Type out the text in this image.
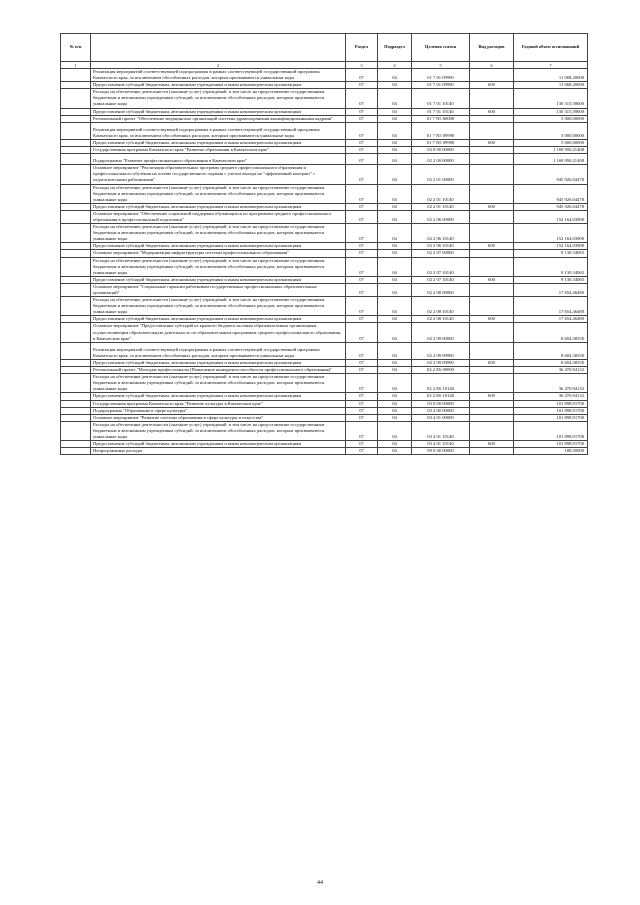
№ п/п		Раздел	Подраздел	Целевая статья	Вид расходов	Годовой объем ассигнований
1	2	3	4	5	6	7
	Реализация мероприятий соответствующей подпрограммы в рамках соответствующей государственной программы Камчатского края, за исключением обособленных расходов, которым присваиваются уникальные коды	07	04	01 7 01 09990		11 068,20000
	Предоставление субсидий бюджетным, автономным учреждениям и иным некоммерческим организациям	07	04	01 7 01 09990	600	11 068,20000
	Расходы на обеспечение деятельности (оказание услуг) учреждений, в том числе на предоставление государственным бюджетным и автономным учреждениям субсидий, за исключением обособленных расходов, которым присваиваются уникальные коды	07	04	01 7 01 10140		130 315,58600
	Предоставление субсидий бюджетным, автономным учреждениям и иным некоммерческим организациям	07	04	01 7 01 10140	600	130 315,58600
	Региональный проект "Обеспечение медицинских организаций системы здравоохранения квалифицированными кадрами"	07	04	01 7 N5 00000		5 000,00000
	Реализация мероприятий соответствующей подпрограммы в рамках соответствующей государственной программы Камчатского края, за исключением обособленных расходов, которым присваиваются уникальные коды	07	04	01 7 N5 09990		5 000,00000
	Предоставление субсидий бюджетным, автономным учреждениям и иным некоммерческим организациям	07	04	01 7 N5 09990	600	5 000,00000
	Государственная программа Камчатского края "Развитие образования в Камчатском крае"	07	04	02 0 00 00000		1 169 950,21408
	Подпрограмма "Развитие профессионального образования в Камчатском крае"	07	04	02 2 00 00000		1 169 950,21408
	Основное мероприятие "Реализация образовательных программ среднего профессионального образования и профессионального обучения на основе государственного задания с учетом выхода на "эффективный контракт" с педагогическими работниками"	07	04	02 2 01 00000		945 926,04478
	Расходы на обеспечение деятельности (оказание услуг) учреждений, в том числе на предоставление государственным бюджетным и автономным учреждениям субсидий, за исключением обособленных расходов, которым присваиваются уникальные коды	07	04	02 2 01 10140		945 926,04478
	Предоставление субсидий бюджетным, автономным учреждениям и иным некоммерческим организациям	07	04	02 2 01 10140	600	945 926,04478
	Основное мероприятие "Обеспечение социальной поддержки обучающихся по программам среднего профессионального образования в профессиональной подготовки"	07	04	02 2 06 00000		152 164,03900
	Расходы на обеспечение деятельности (оказание услуг) учреждений, в том числе на предоставление государственным бюджетным и автономным учреждениям субсидий, за исключением обособленных расходов, которым присваиваются уникальные коды	07	04	02 2 06 10140		152 164,03900
	Предоставление субсидий бюджетным, автономным учреждениям и иным некоммерческим организациям	07	04	02 2 06 10140	600	152 164,03900
	Основное мероприятие "Модернизация инфраструктуры системы профессионального образования"	07	04	02 2 07 00000		9 130,34065
	Расходы на обеспечение деятельности (оказание услуг) учреждений, в том числе на предоставление государственным бюджетным и автономным учреждениям субсидий, за исключением обособленных расходов, которым присваиваются уникальные коды	07	04	02 2 07 10140		9 130,34065
	Предоставление субсидий бюджетным, автономным учреждениям и иным некоммерческим организациям	07	04	02 2 07 10140	600	9 130,34065
	Основное мероприятие "Социальные гарантии работникам государственных профессиональных образовательных организаций"	07	04	02 2 08 00000		17 654,46480
	Расходы на обеспечение деятельности (оказание услуг) учреждений, в том числе на предоставление государственным бюджетным и автономным учреждениям субсидий, за исключением обособленных расходов, которым присваиваются уникальные коды	07	04	02 2 08 10140		17 654,46480
	Предоставление субсидий бюджетным, автономным учреждениям и иным некоммерческим организациям	07	04	02 2 08 10140	600	17 654,46480
	Основное мероприятие "Предоставление субсидий из краевого бюджета частным образовательным организациям, осуществляющим образовательную деятельность по образовательным программам среднего профессионального образования, в Камчатском крае"	07	04	02 2 09 00000		8 604,38350
	Реализация мероприятий соответствующей подпрограммы в рамках соответствующей государственной программы Камчатского края, за исключением обособленных расходов, которым присваиваются уникальные коды	07	04	02 2 09 09990		8 604,38350
	Предоставление субсидий бюджетным, автономным учреждениям и иным некоммерческим организациям	07	04	02 2 09 09990	600	8 604,38350
	Региональный проект "Молодые профессионалы (Повышение конкурентоспособности профессионального образования)"	07	04	02 2 E6 00000		36 470,94132
	Расходы на обеспечение деятельности (оказание услуг) учреждений, в том числе на предоставление государственным бюджетным и автономным учреждениям субсидий, за исключением обособленных расходов, которым присваиваются уникальные коды	07	04	02 2 E6 10140		36 470,94132
	Предоставление субсидий бюджетным, автономным учреждениям и иным некоммерческим организациям	07	04	02 2 E6 10140	600	36 470,94132
	Государственная программа Камчатского края "Развитие культуры в Камчатском крае"	07	04	03 0 00 00000		101 898,91700
	Подпрограмма "Образование в сфере культуры"	07	04	03 4 00 00000		101 898,91700
	Основное мероприятие "Развитие системы образования в сфере культуры и искусства"	07	04	03 4 01 00000		101 898,91700
	Расходы на обеспечение деятельности (оказание услуг) учреждений, в том числе на предоставление государственным бюджетным и автономным учреждениям субсидий, за исключением обособленных расходов, которым присваиваются уникальные коды	07	04	03 4 01 10140		101 898,91700
	Предоставление субсидий бюджетным, автономным учреждениям и иным некоммерческим организациям	07	04	03 4 01 10140	600	101 898,91700
	Непрограммные расходы	07	04	99 0 00 00000		188,50000
44
